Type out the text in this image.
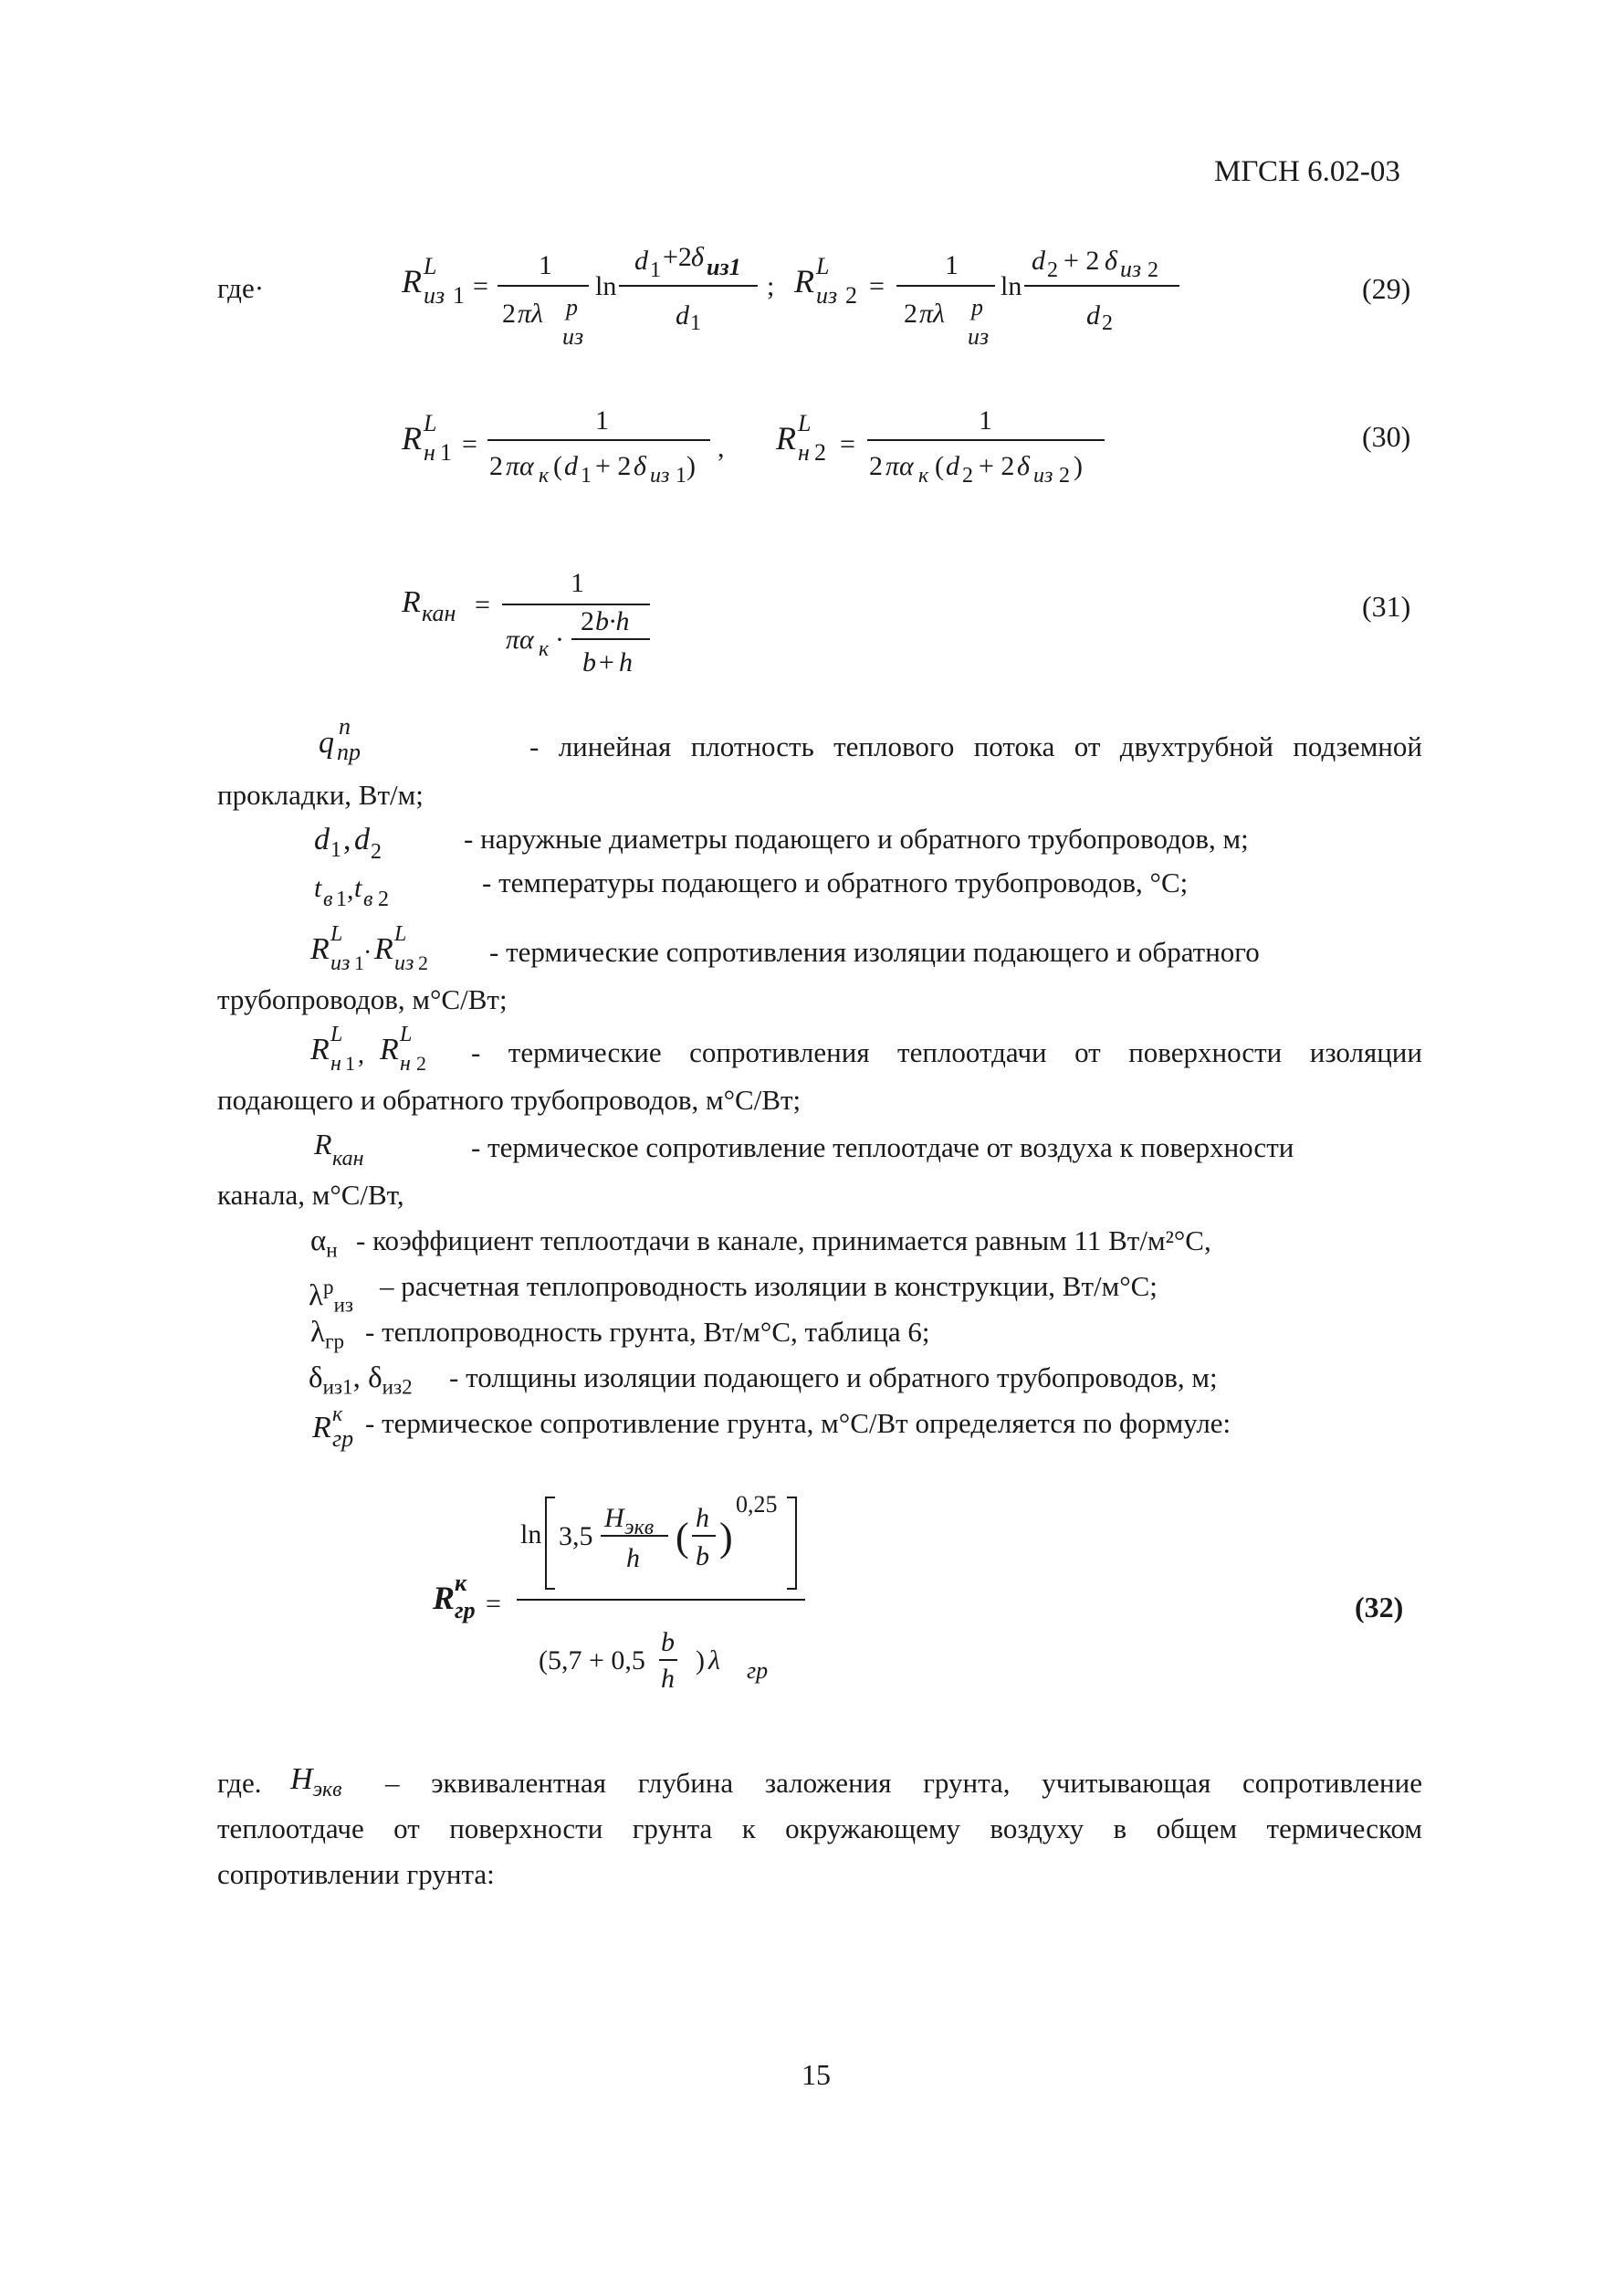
МГСН 6.02-03
где·	R L
из 1 =
1
2 πλ р
из
ln
d 1 +2 δ из1
d 1
; R L
из 2 =
1
2 πλ р
из
ln
d 2 + 2 δ из 2
d 2
(29)
R L
н 1 =
1
2 πα к ( d 1 + 2 δ из 1 )
, R L
н 2 =
1
2 πα к ( d 2 + 2 δ из 2 )
(30)
R кан =
1
πα к ·
2 b·h
b + h
(31)
q п
пр	- линейная плотность теплового потока от двухтрубной подземной
прокладки, Вт/м;
d 1 , d 2	- наружные диаметры подающего и обратного трубопроводов, м;
t в 1 , t в 2
- температуры подающего и обратного трубопроводов, °С;
R L
из 1 · R L
из 2 - термические сопротивления изоляции подающего и обратного
трубопроводов, м°С/Вт;
R L
н 1 , R L
н 2 - термические сопротивления теплоотдачи от поверхности изоляции
подающего и обратного трубопроводов, м°С/Вт;
R кан	- термическое сопротивление теплоотдаче от воздуха к поверхности
канала, м°С/Вт,
$\alpha_н$ - коэффициент теплоотдачи в канале, принимается равным 11 Вт/м²°С,
$\lambda^р_{из}$
– расчетная теплопроводность изоляции в конструкции, Вт/м°С;
$\lambda_{гр}$ - теплопроводность грунта, Вт/м°С, таблица 6;
$\delta_{из1}$, $\delta_{из2}$ - толщины изоляции подающего и обратного трубопроводов, м;
R к
гр - термическое сопротивление грунта, м°С/Вт определяется по формуле:
R к
гр =
ln 3,5
H экв
h ( h
b )
0,25
(5,7 + 0,5
b
h
) λ гр
(32)
где. $H_{экв}$ – эквивалентная глубина заложения грунта, учитывающая сопротивление
теплоотдаче от поверхности грунта к окружающему воздуху в общем термическом
сопротивлении грунта:
15
